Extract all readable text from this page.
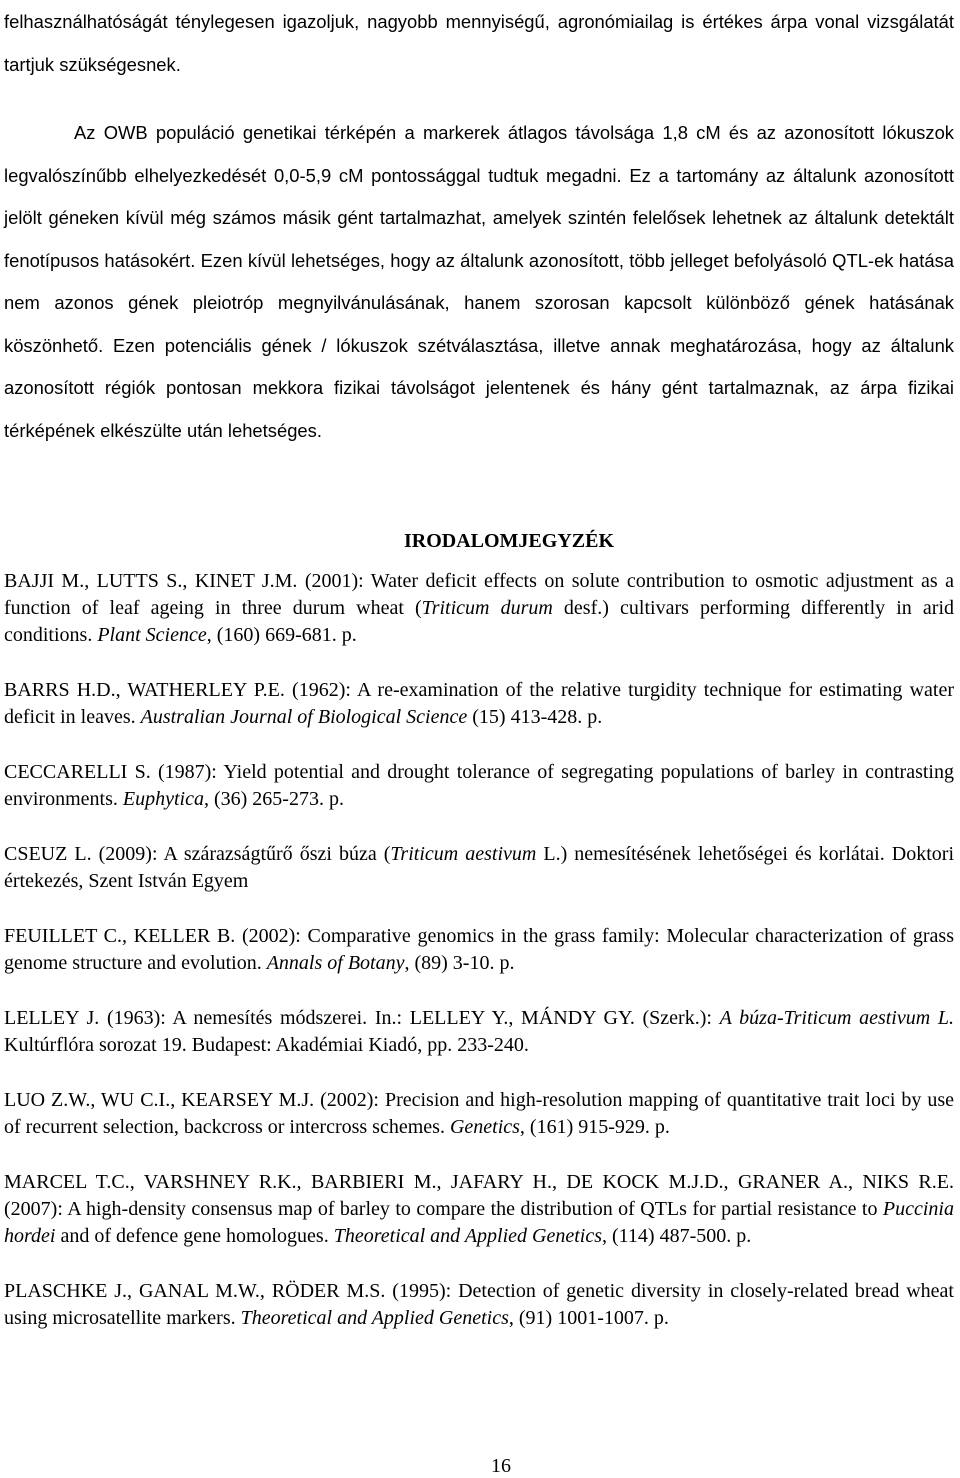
felhasználhatóságát ténylegesen igazoljuk, nagyobb mennyiségű, agronómiailag is értékes árpa vonal vizsgálatát tartjuk szükségesnek.

Az OWB populáció genetikai térképén a markerek átlagos távolsága 1,8 cM és az azonosított lókuszok legvalószínűbb elhelyezkedését 0,0-5,9 cM pontossággal tudtuk megadni. Ez a tartomány az általunk azonosított jelölt géneken kívül még számos másik gént tartalmazhat, amelyek szintén felelősek lehetnek az általunk detektált fenotípusos hatásokért. Ezen kívül lehetséges, hogy az általunk azonosított, több jelleget befolyásoló QTL-ek hatása nem azonos gének pleiotróp megnyilvánulásának, hanem szorosan kapcsolt különböző gének hatásának köszönhető. Ezen potenciális gének / lókuszok szétválasztása, illetve annak meghatározása, hogy az általunk azonosított régiók pontosan mekkora fizikai távolságot jelentenek és hány gént tartalmaznak, az árpa fizikai térképének elkészülte után lehetséges.

IRODALOMJEGYZÉK
BAJJI M., LUTTS S., KINET J.M. (2001): Water deficit effects on solute contribution to osmotic adjustment as a function of leaf ageing in three durum wheat (Triticum durum desf.) cultivars performing differently in arid conditions. Plant Science, (160) 669-681. p.
BARRS H.D., WATHERLEY P.E. (1962): A re-examination of the relative turgidity technique for estimating water deficit in leaves. Australian Journal of Biological Science (15) 413-428. p.
CECCARELLI S. (1987): Yield potential and drought tolerance of segregating populations of barley in contrasting environments. Euphytica, (36) 265-273. p.
CSEUZ L. (2009): A szárazságtűrő őszi búza (Triticum aestivum L.) nemesítésének lehetőségei és korlátai. Doktori értekezés, Szent István Egyem
FEUILLET C., KELLER B. (2002): Comparative genomics in the grass family: Molecular characterization of grass genome structure and evolution. Annals of Botany, (89) 3-10. p.
LELLEY J. (1963): A nemesítés módszerei. In.: LELLEY Y., MÁNDY GY. (Szerk.): A búza-Triticum aestivum L. Kultúrflóra sorozat 19. Budapest: Akadémiai Kiadó, pp. 233-240.
LUO Z.W., WU C.I., KEARSEY M.J. (2002): Precision and high-resolution mapping of quantitative trait loci by use of recurrent selection, backcross or intercross schemes. Genetics, (161) 915-929. p.
MARCEL T.C., VARSHNEY R.K., BARBIERI M., JAFARY H., DE KOCK M.J.D., GRANER A., NIKS R.E. (2007): A high-density consensus map of barley to compare the distribution of QTLs for partial resistance to Puccinia hordei and of defence gene homologues. Theoretical and Applied Genetics, (114) 487-500. p.
PLASCHKE J., GANAL M.W., RÖDER M.S. (1995): Detection of genetic diversity in closely-related bread wheat using microsatellite markers. Theoretical and Applied Genetics, (91) 1001-1007. p.
16
